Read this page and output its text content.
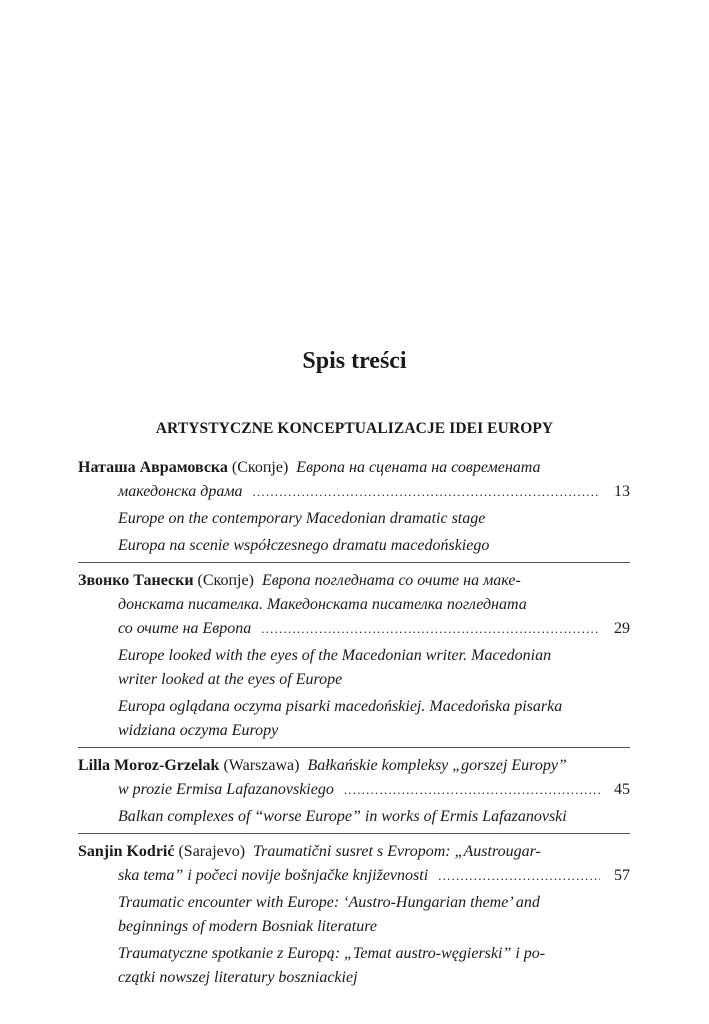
Spis treści
ARTYSTYCZNE KONCEPTUALIZACJE IDEI EUROPY
Наташа Аврамовска (Скопје) Европа на сцената на современата
македонска драма .....	13
Europe on the contemporary Macedonian dramatic stage
Europa na scenie współczesnego dramatu macedońskiego
Звонко Танески (Скопје) Европа погледната со очите на маке-
донската писателка. Македонската писателка погледната
со очите на Европа .....	29
Europe looked with the eyes of the Macedonian writer. Macedonian
writer looked at the eyes of Europe
Europa oglądana oczyma pisarki macedońskiej. Macedońska pisarka
widziana oczyma Europy
Lilla Moroz-Grzelak (Warszawa) Bałkańskie kompleksy „gorszej Europy”
w prozie Ermisa Lafazanovskiego .....	45
Balkan complexes of “worse Europe” in works of Ermis Lafazanovski
Sanjin Kodrić (Sarajevo) Traumatični susret s Evropom: „Austrougar-
ska tema” i počeci novije bošnjačke književnosti .....	57
Traumatic encounter with Europe: ‘Austro-Hungarian theme’ and
beginnings of modern Bosniak literature
Traumatyczne spotkanie z Europą: „Temat austro-węgierski” i po-
czątki nowszej literatury boszniackiej
